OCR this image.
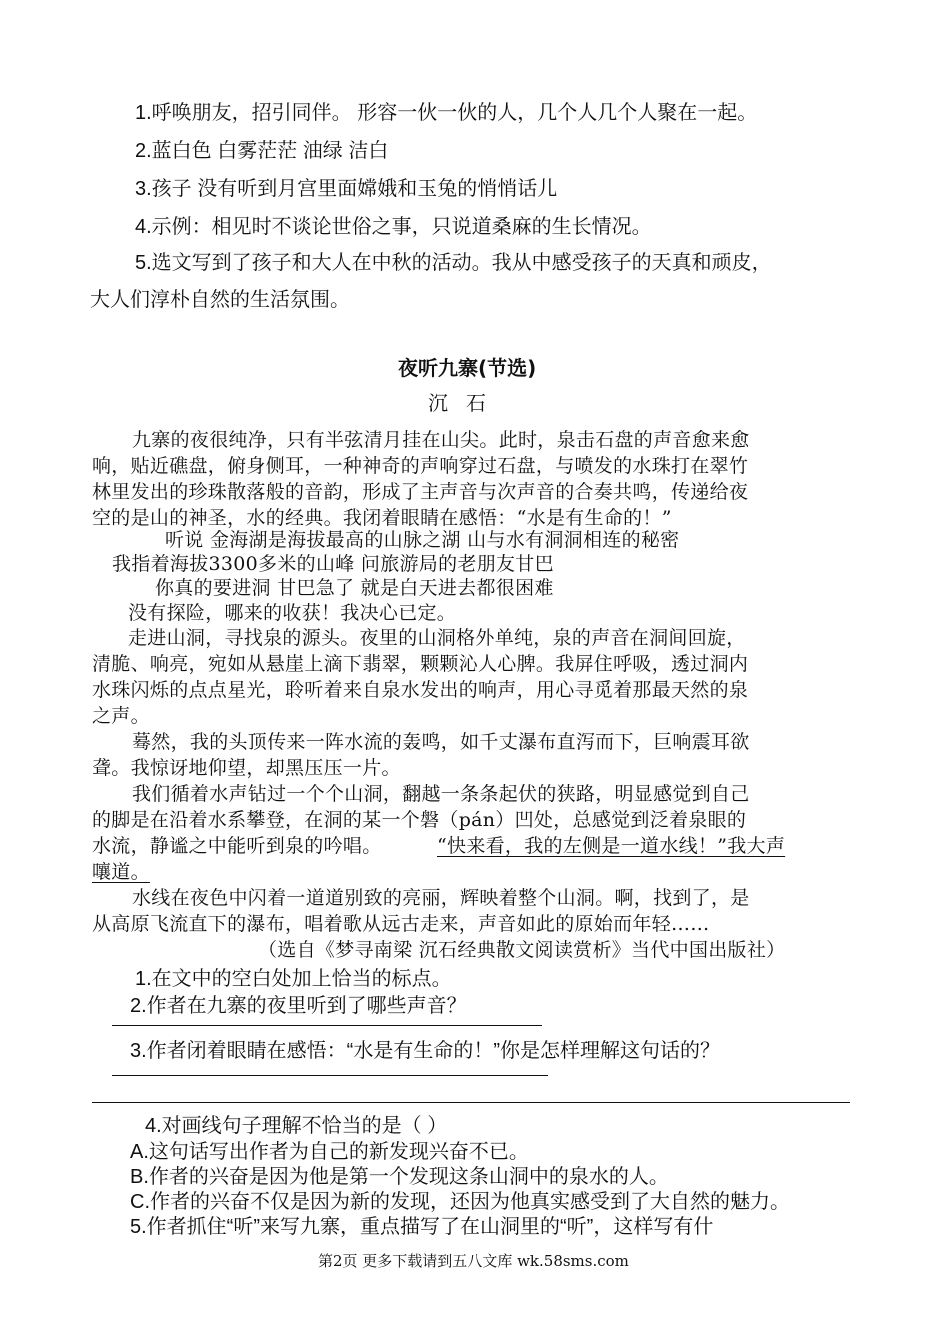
1.呼唤朋友，招引同伴。 形容一伙一伙的人，几个人几个人聚在一起。
2.蓝白色 白雾茫茫 油绿 洁白
3.孩子 没有听到月宫里面嫦娥和玉兔的悄悄话儿
4.示例：相见时不谈论世俗之事，只说道桑麻的生长情况。
5.选文写到了孩子和大人在中秋的活动。我从中感受孩子的天真和顽皮，
大人们淳朴自然的生活氛围。
夜听九寨(节选)
沉石
九寨的夜很纯净，只有半弦清月挂在山尖。此时，泉击石盘的声音愈来愈
响，贴近礁盘，俯身侧耳，一种神奇的声响穿过石盘，与喷发的水珠打在翠竹
林里发出的珍珠散落般的音韵，形成了主声音与次声音的合奏共鸣，传递给夜
空的是山的神圣，水的经典。我闭着眼睛在感悟：“水是有生命的！”
听说 金海湖是海拔最高的山脉之湖 山与水有洞洞相连的秘密
我指着海拔3300多米的山峰 问旅游局的老朋友甘巴
你真的要进洞 甘巴急了 就是白天进去都很困难
没有探险，哪来的收获！我决心已定。
走进山洞，寻找泉的源头。夜里的山洞格外单纯，泉的声音在洞间回旋，
清脆、响亮，宛如从悬崖上滴下翡翠，颗颗沁人心脾。我屏住呼吸，透过洞内
水珠闪烁的点点星光，聆听着来自泉水发出的响声，用心寻觅着那最天然的泉
之声。
蓦然，我的头顶传来一阵水流的轰鸣，如千丈瀑布直泻而下，巨响震耳欲
聋。我惊讶地仰望，却黑压压一片。
我们循着水声钻过一个个山洞，翻越一条条起伏的狭路，明显感觉到自己
的脚是在沿着水系攀登，在洞的某一个磐（pán）凹处，总感觉到泛着泉眼的
水流，静谧之中能听到泉的吟唱。	“快来看，我的左侧是一道水线！”我大声
嚷道。
水线在夜色中闪着一道道别致的亮丽，辉映着整个山洞。啊，找到了，是
从高原飞流直下的瀑布，唱着歌从远古走来，声音如此的原始而年轻……
（选自《梦寻南梁 沉石经典散文阅读赏析》当代中国出版社）
1.在文中的空白处加上恰当的标点。
2.作者在九寨的夜里听到了哪些声音？
3.作者闭着眼睛在感悟：“水是有生命的！”你是怎样理解这句话的？
4.对画线句子理解不恰当的是（ ）
A.这句话写出作者为自己的新发现兴奋不已。
B.作者的兴奋是因为他是第一个发现这条山洞中的泉水的人。
C.作者的兴奋不仅是因为新的发现，还因为他真实感受到了大自然的魅力。
5.作者抓住“听”来写九寨，重点描写了在山洞里的“听”，这样写有什
第2页 更多下载请到五八文库 wk.58sms.com
